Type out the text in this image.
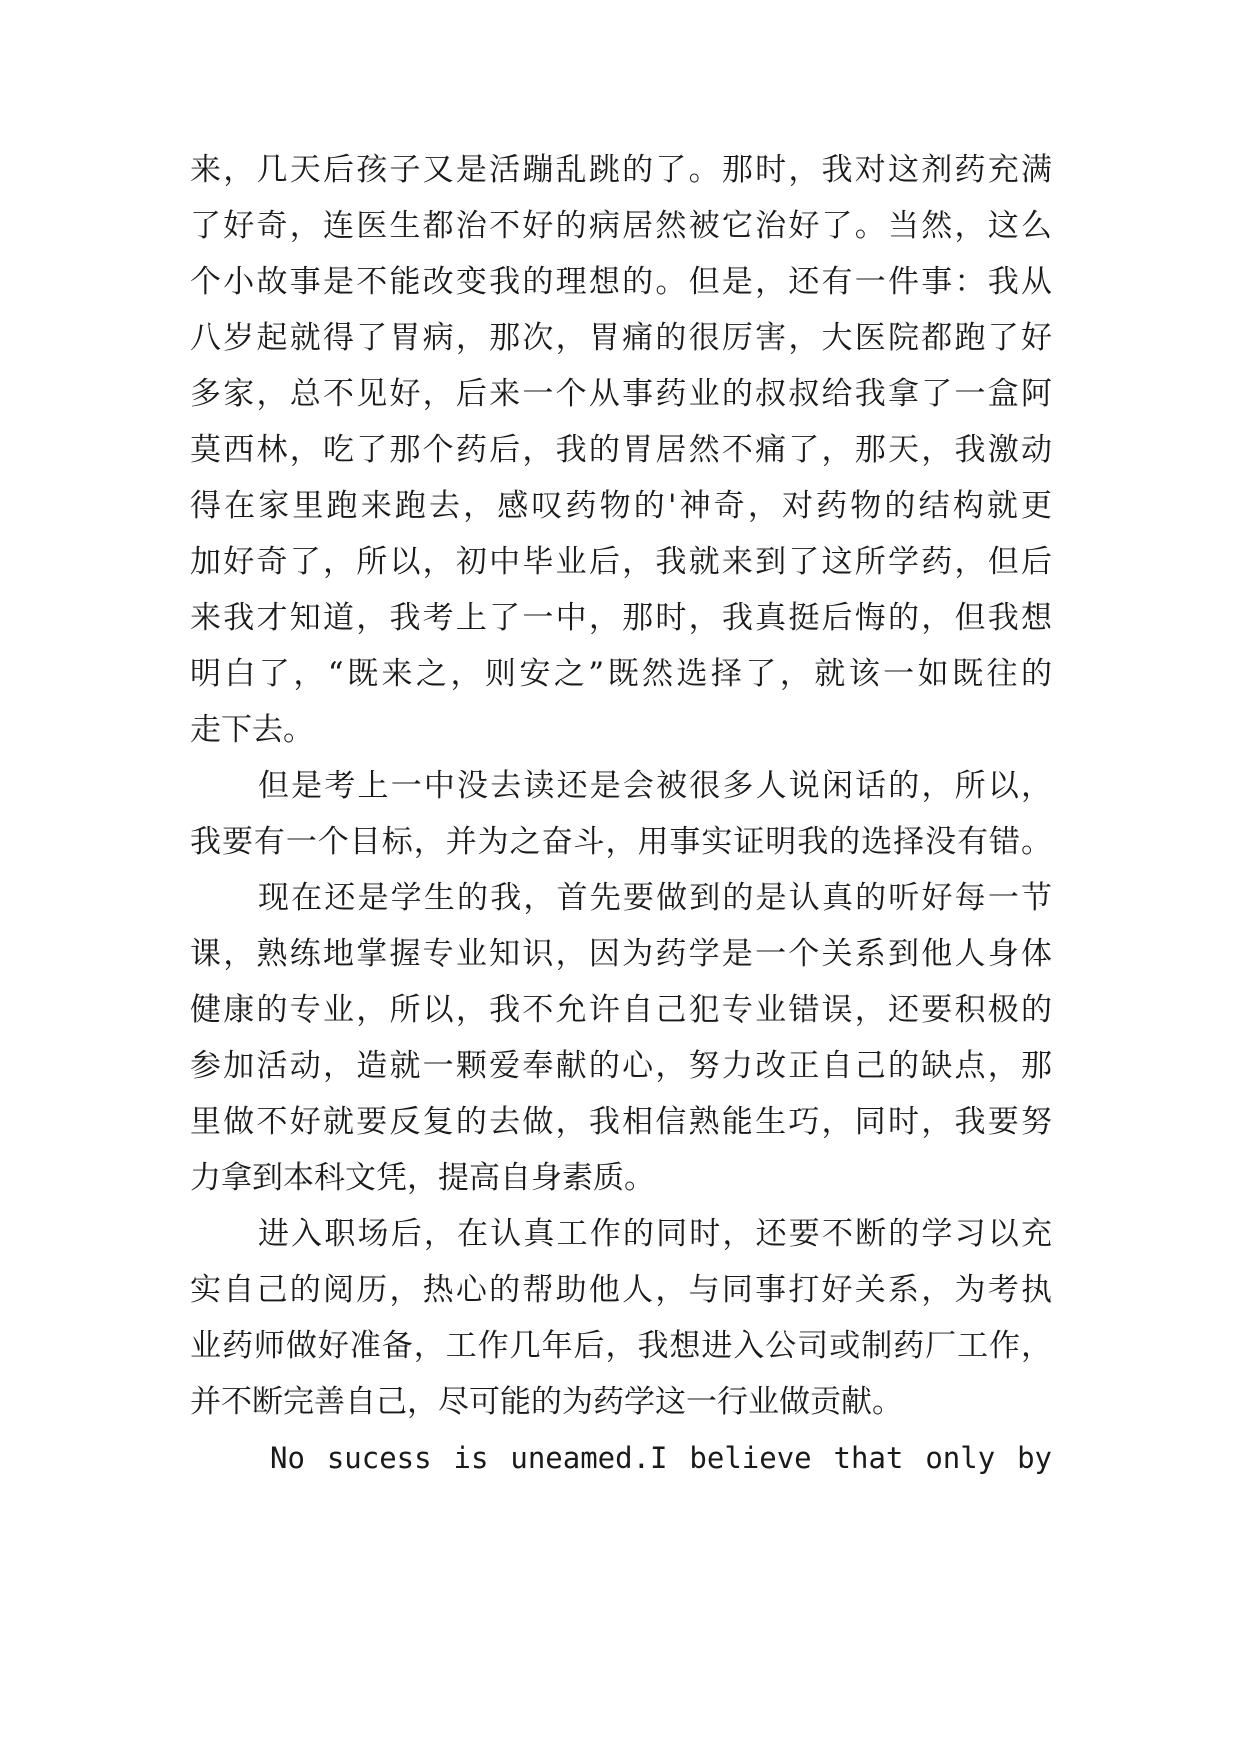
来，几天后孩子又是活蹦乱跳的了。那时，我对这剂药充满
了好奇，连医生都治不好的病居然被它治好了。当然，这么
个小故事是不能改变我的理想的。但是，还有一件事：我从
八岁起就得了胃病，那次，胃痛的很厉害，大医院都跑了好
多家，总不见好，后来一个从事药业的叔叔给我拿了一盒阿
莫西林，吃了那个药后，我的胃居然不痛了，那天，我激动
得在家里跑来跑去，感叹药物的'神奇，对药物的结构就更
加好奇了，所以，初中毕业后，我就来到了这所学药，但后
来我才知道，我考上了一中，那时，我真挺后悔的，但我想
明白了，“既来之，则安之”既然选择了，就该一如既往的
走下去。
但是考上一中没去读还是会被很多人说闲话的，所以，
我要有一个目标，并为之奋斗，用事实证明我的选择没有错。
现在还是学生的我，首先要做到的是认真的听好每一节
课，熟练地掌握专业知识，因为药学是一个关系到他人身体
健康的专业，所以，我不允许自己犯专业错误，还要积极的
参加活动，造就一颗爱奉献的心，努力改正自己的缺点，那
里做不好就要反复的去做，我相信熟能生巧，同时，我要努
力拿到本科文凭，提高自身素质。
进入职场后，在认真工作的同时，还要不断的学习以充
实自己的阅历，热心的帮助他人，与同事打好关系，为考执
业药师做好准备，工作几年后，我想进入公司或制药厂工作，
并不断完善自己，尽可能的为药学这一行业做贡献。
No sucess is uneamed.I believe that only by
